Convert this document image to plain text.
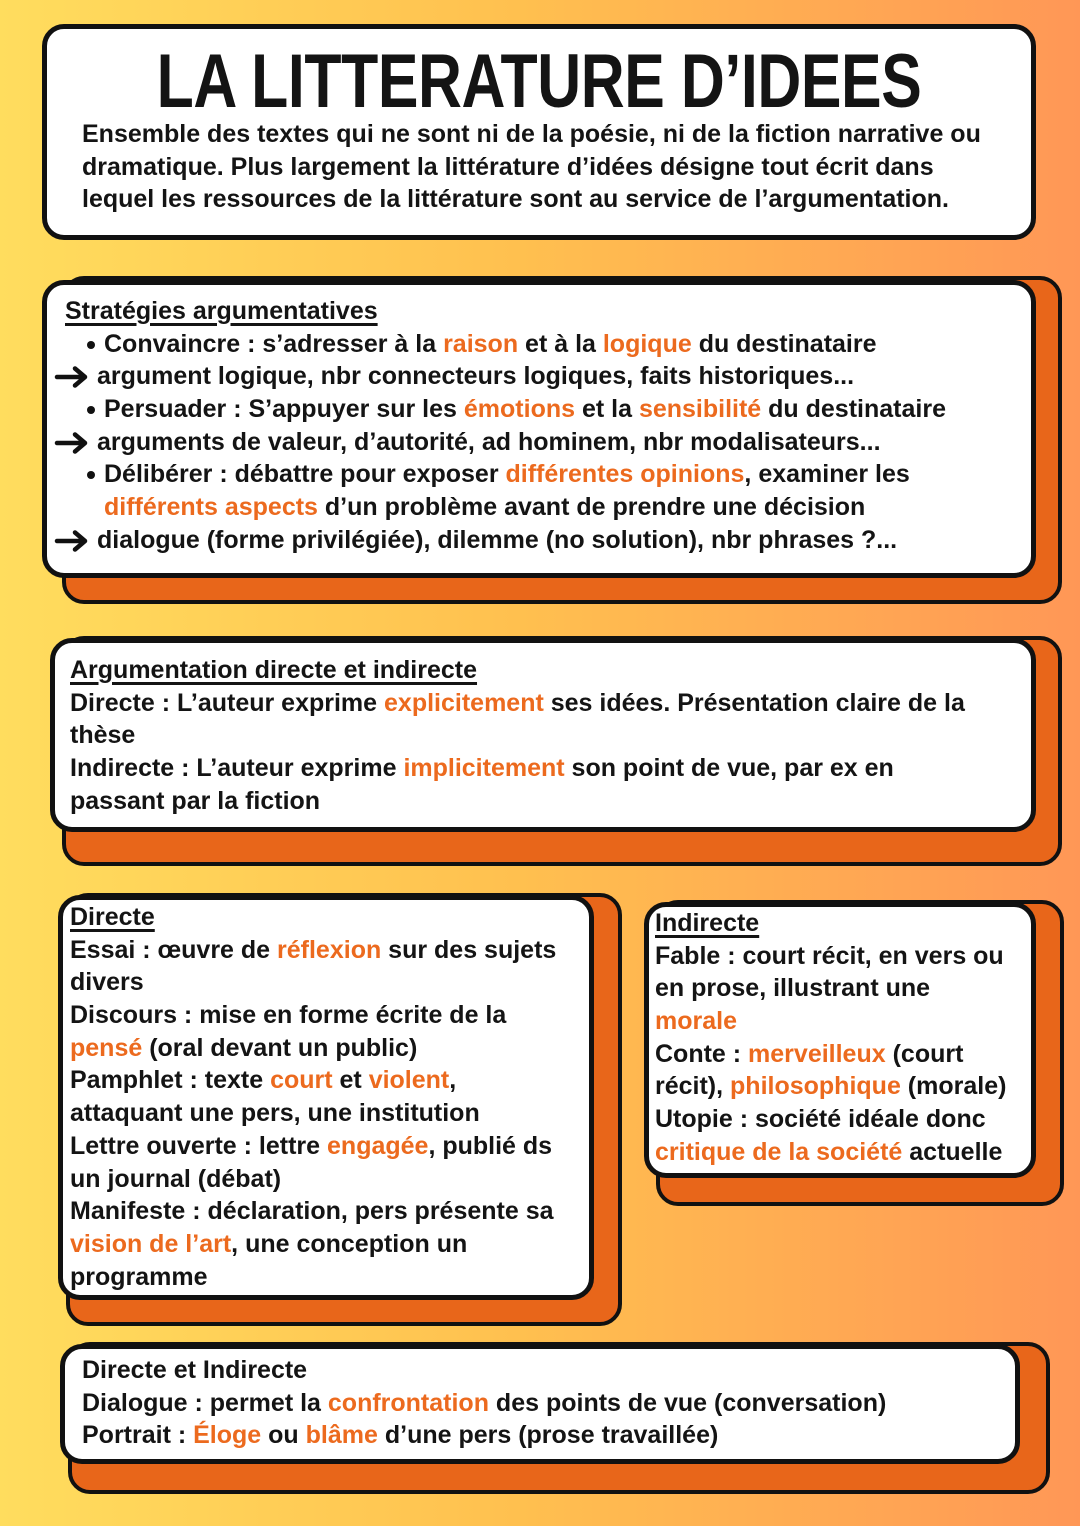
LA LITTERATURE D’IDEES
Ensemble des textes qui ne sont ni de la poésie, ni de la fiction narrative ou
dramatique. Plus largement la littérature d’idées désigne tout écrit dans
lequel les ressources de la littérature sont au service de l’argumentation.
Stratégies argumentatives
Convaincre : s’adresser à la raison et à la logique du destinataire
argument logique, nbr connecteurs logiques, faits historiques...
Persuader : S’appuyer sur les émotions et la sensibilité du destinataire
arguments de valeur, d’autorité, ad hominem, nbr modalisateurs...
Délibérer : débattre pour exposer différentes opinions, examiner les
différents aspects d’un problème avant de prendre une décision
dialogue (forme privilégiée), dilemme (no solution), nbr phrases ?...
Argumentation directe et indirecte
Directe : L’auteur exprime explicitement ses idées. Présentation claire de la
thèse
Indirecte : L’auteur exprime implicitement son point de vue, par ex en
passant par la fiction
Directe
Essai : œuvre de réflexion sur des sujets
divers
Discours : mise en forme écrite de la
pensé (oral devant un public)
Pamphlet : texte court et violent,
attaquant une pers, une institution
Lettre ouverte : lettre engagée, publié ds
un journal (débat)
Manifeste : déclaration, pers présente sa
vision de l’art, une conception un
programme
Indirecte
Fable : court récit, en vers ou
en prose, illustrant une
morale
Conte : merveilleux (court
récit), philosophique (morale)
Utopie : société idéale donc
critique de la société actuelle
Directe et Indirecte
Dialogue : permet la confrontation des points de vue (conversation)
Portrait : Éloge ou blâme d’une pers (prose travaillée)
